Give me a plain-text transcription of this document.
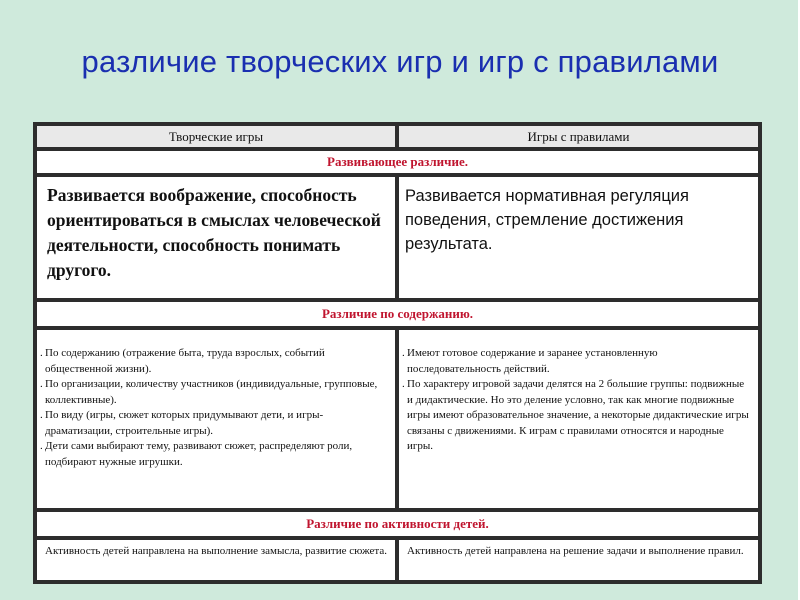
различие творческих игр и игр с правилами
Творческие игры	Игры с правилами
Развивающее различие.
Развивается воображение, способность ориентироваться в смыслах человеческой деятельности, способность понимать другого.
Развивается нормативная регуляция поведения, стремление достижения результата.
Различие по содержанию.
. По содержанию (отражение быта, труда взрослых, событий общественной жизни).
. По организации, количеству участников (индивидуальные, групповые, коллективные).
. По виду (игры, сюжет которых придумывают дети, и игры-драматизации, строительные игры).
. Дети сами выбирают тему, развивают сюжет, распределяют роли, подбирают нужные игрушки.
. Имеют готовое содержание и заранее установленную последовательность действий.
. По характеру игровой задачи делятся на 2 большие группы: подвижные и дидактические. Но это деление условно, так как многие подвижные игры имеют образовательное значение, а некоторые дидактические игры связаны с движениями. К играм с правилами относятся и народные игры.
Различие по активности детей.
Активность детей направлена на выполнение замысла, развитие сюжета.	Активность детей направлена на решение задачи и выполнение правил.
